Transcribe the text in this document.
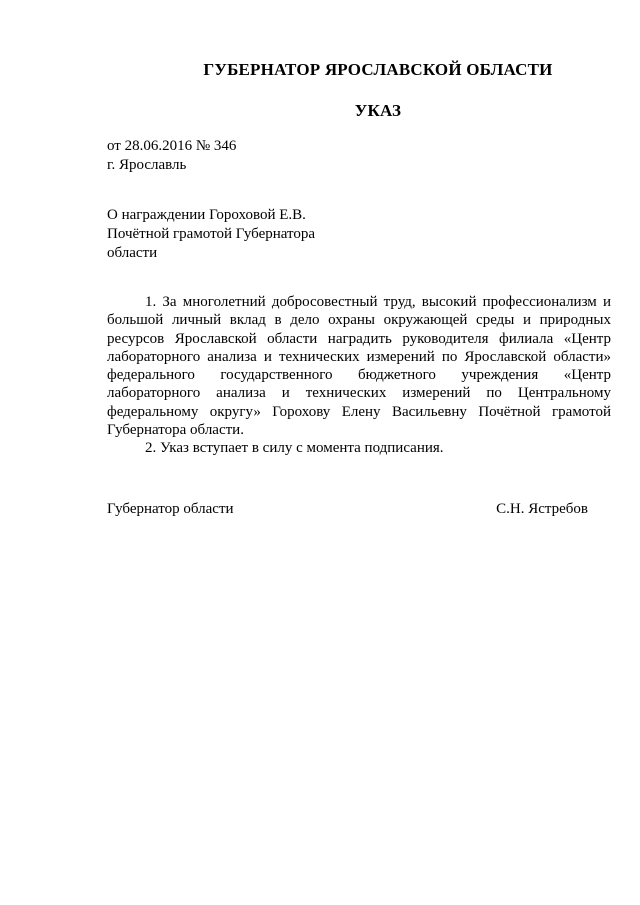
ГУБЕРНАТОР ЯРОСЛАВСКОЙ ОБЛАСТИ
УКАЗ
от 28.06.2016 № 346
г. Ярославль
О награждении Гороховой Е.В.
Почётной грамотой Губернатора
области

1. За многолетний добросовестный труд, высокий профессионализм и большой личный вклад в дело охраны окружающей среды и природных ресурсов Ярославской области наградить руководителя филиала «Центр лабораторного анализа и технических измерений по Ярославской области» федерального государственного бюджетного учреждения «Центр лабораторного анализа и технических измерений по Центральному федеральному округу» Горохову Елену Васильевну Почётной грамотой Губернатора области.

2. Указ вступает в силу с момента подписания.

Губернатор области	С.Н. Ястребов
